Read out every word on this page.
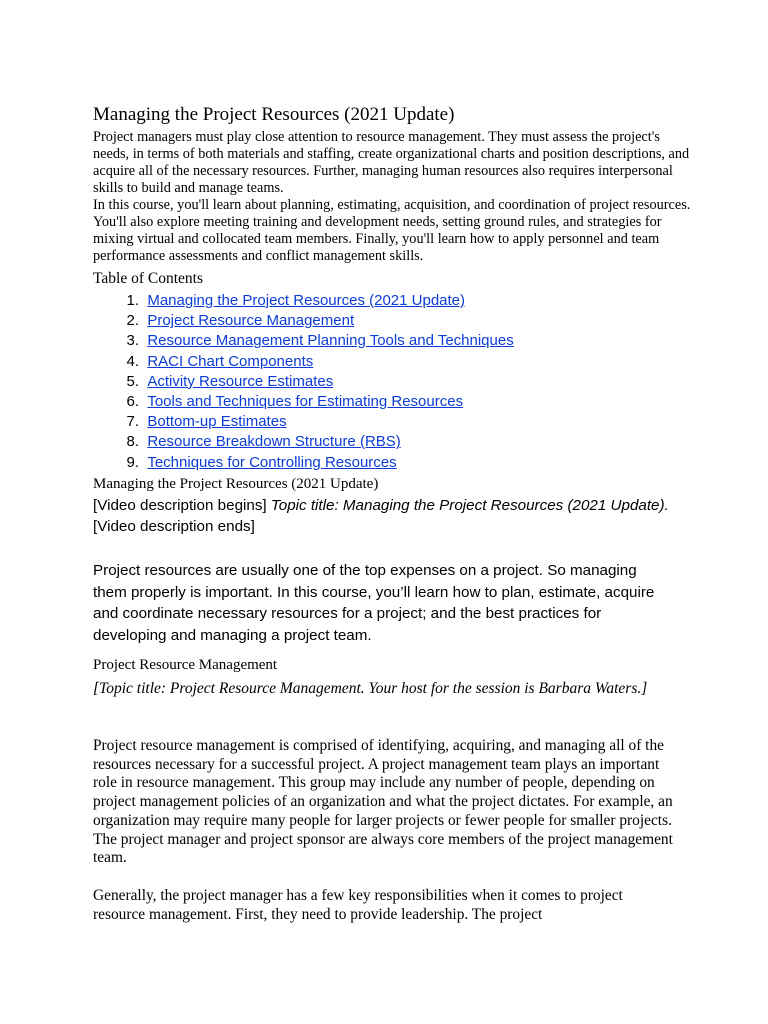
Managing the Project Resources (2021 Update)

Project managers must play close attention to resource management. They must assess the project's needs, in terms of both materials and staffing, create organizational charts and position descriptions, and acquire all of the necessary resources. Further, managing human resources also requires interpersonal skills to build and manage teams.

In this course, you'll learn about planning, estimating, acquisition, and coordination of project resources. You'll also explore meeting training and development needs, setting ground rules, and strategies for mixing virtual and collocated team members. Finally, you'll learn how to apply personnel and team performance assessments and conflict management skills.

Table of Contents
1. Managing the Project Resources (2021 Update)
2. Project Resource Management
3. Resource Management Planning Tools and Techniques
4. RACI Chart Components
5. Activity Resource Estimates
6. Tools and Techniques for Estimating Resources
7. Bottom-up Estimates
8. Resource Breakdown Structure (RBS)
9. Techniques for Controlling Resources
Managing the Project Resources (2021 Update)

[Video description begins] Topic title: Managing the Project Resources (2021 Update). [Video description ends]

Project resources are usually one of the top expenses on a project. So managing them properly is important. In this course, you’ll learn how to plan, estimate, acquire and coordinate necessary resources for a project; and the best practices for developing and managing a project team.

Project Resource Management

[Topic title: Project Resource Management. Your host for the session is Barbara Waters.]

Project resource management is comprised of identifying, acquiring, and managing all of the resources necessary for a successful project. A project management team plays an important role in resource management. This group may include any number of people, depending on project management policies of an organization and what the project dictates. For example, an organization may require many people for larger projects or fewer people for smaller projects. The project manager and project sponsor are always core members of the project management team.

Generally, the project manager has a few key responsibilities when it comes to project resource management. First, they need to provide leadership. The project
